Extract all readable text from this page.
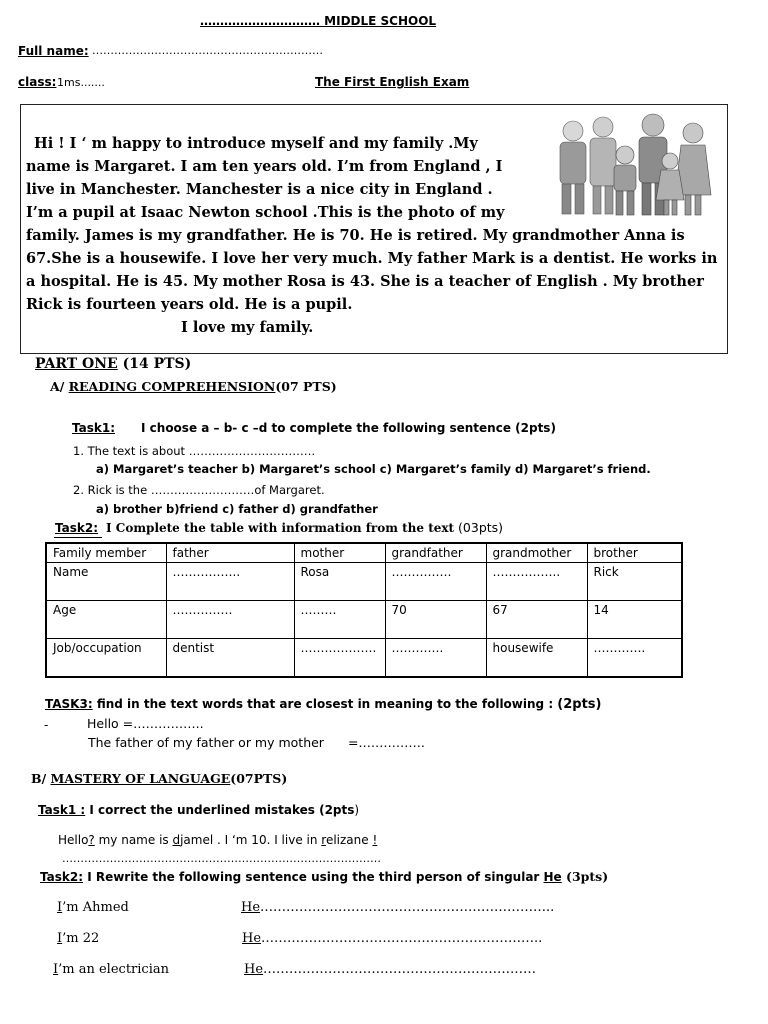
………………………… MIDDLE SCHOOL
Full name: ………………………………………………………
class: 1ms.......	The First English Exam
Hi ! I ‘ m happy to introduce myself and my family .My
name is Margaret. I am ten years old. I’m from England , I
live in Manchester. Manchester is a nice city in England .
I’m a pupil at Isaac Newton school .This is the photo of my
family. James is my grandfather. He is 70. He is retired. My grandmother Anna is
67.She is a housewife. I love her very much. My father Mark is a dentist. He works in
a hospital. He is 45. My mother Rosa is 43. She is a teacher of English . My brother
Rick is fourteen years old. He is a pupil.
I love my family.
PART ONE (14 PTS)
A/ READING COMPREHENSION(07 PTS)
Task1: I choose a – b- c –d to complete the following sentence (2pts)
1. The text is about ……………………………
a) Margaret’s teacher b) Margaret’s school c) Margaret’s family d) Margaret’s friend.
2. Rick is the ………………………of Margaret.
a) brother b)friend c) father d) grandfather
Task2: I Complete the table with information from the text (03pts)
Family member	father	mother	grandfather	grandmother	brother
Name	……………..	Rosa	……………	……………..	Rick
Age	……………	………	70	67	14
Job/occupation	dentist	……………….	………….	housewife	………….
TASK3: find in the text words that are closest in meaning to the following : (2pts)
-	Hello =……………..
The father of my father or my mother =…………….
B/ MASTERY OF LANGUAGE(07PTS)
Task1 : I correct the underlined mistakes (2pts)
Hello? my name is djamel . I ‘m 10. I live in relizane !
……………………………………………………………………………
Task2: I Rewrite the following sentence using the third person of singular He (3pts)
I’m Ahmed	He…………………………………………………………..
I’m 22	He………………………………………………………..
I’m an electrician	He………………………………………………………
